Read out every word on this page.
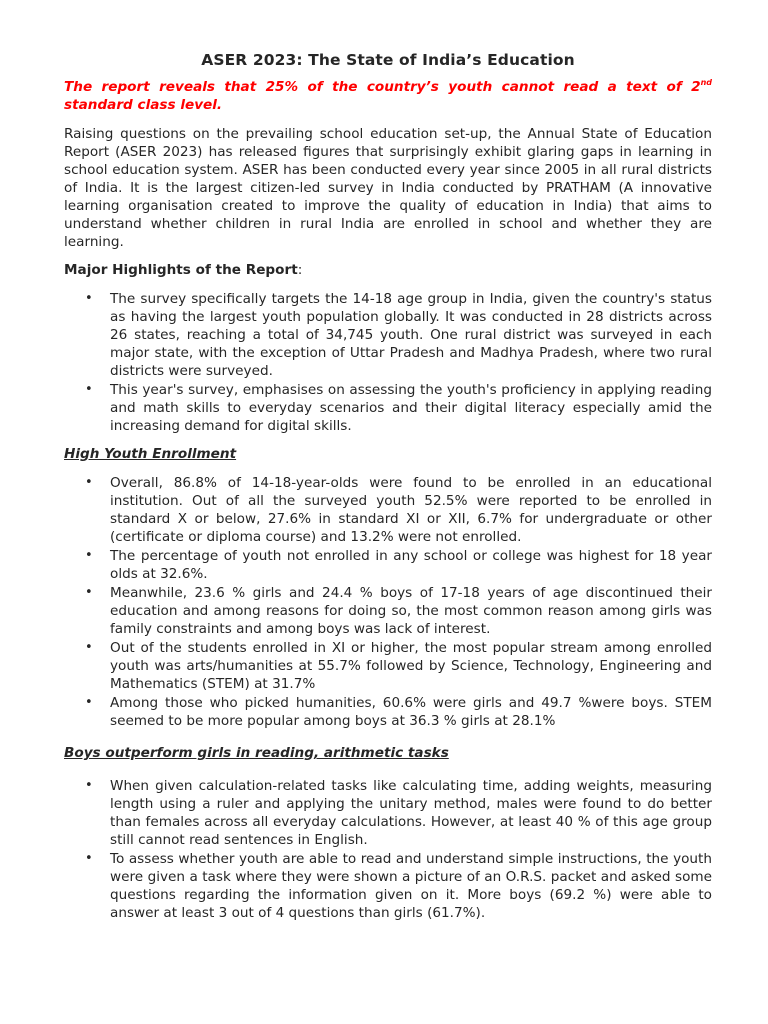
ASER 2023: The State of India’s Education

The report reveals that 25% of the country’s youth cannot read a text of 2nd standard class level.

Raising questions on the prevailing school education set-up, the Annual State of Education Report (ASER 2023) has released figures that surprisingly exhibit glaring gaps in learning in school education system. ASER has been conducted every year since 2005 in all rural districts of India. It is the largest citizen-led survey in India conducted by PRATHAM (A innovative learning organisation created to improve the quality of education in India) that aims to understand whether children in rural India are enrolled in school and whether they are learning.

Major Highlights of the Report:

• The survey specifically targets the 14-18 age group in India, given the country's status as having the largest youth population globally. It was conducted in 28 districts across 26 states, reaching a total of 34,745 youth. One rural district was surveyed in each major state, with the exception of Uttar Pradesh and Madhya Pradesh, where two rural districts were surveyed.
• This year's survey, emphasises on assessing the youth's proficiency in applying reading and math skills to everyday scenarios and their digital literacy especially amid the increasing demand for digital skills.

High Youth Enrollment

• Overall, 86.8% of 14-18-year-olds were found to be enrolled in an educational institution. Out of all the surveyed youth 52.5% were reported to be enrolled in standard X or below, 27.6% in standard XI or XII, 6.7% for undergraduate or other (certificate or diploma course) and 13.2% were not enrolled.
• The percentage of youth not enrolled in any school or college was highest for 18 year olds at 32.6%.
• Meanwhile, 23.6 % girls and 24.4 % boys of 17-18 years of age discontinued their education and among reasons for doing so, the most common reason among girls was family constraints and among boys was lack of interest.
• Out of the students enrolled in XI or higher, the most popular stream among enrolled youth was arts/humanities at 55.7% followed by Science, Technology, Engineering and Mathematics (STEM) at 31.7%
• Among those who picked humanities, 60.6% were girls and 49.7 %were boys. STEM seemed to be more popular among boys at 36.3 % girls at 28.1%

Boys outperform girls in reading, arithmetic tasks

• When given calculation-related tasks like calculating time, adding weights, measuring length using a ruler and applying the unitary method, males were found to do better than females across all everyday calculations. However, at least 40 % of this age group still cannot read sentences in English.
• To assess whether youth are able to read and understand simple instructions, the youth were given a task where they were shown a picture of an O.R.S. packet and asked some questions regarding the information given on it. More boys (69.2 %) were able to answer at least 3 out of 4 questions than girls (61.7%).
